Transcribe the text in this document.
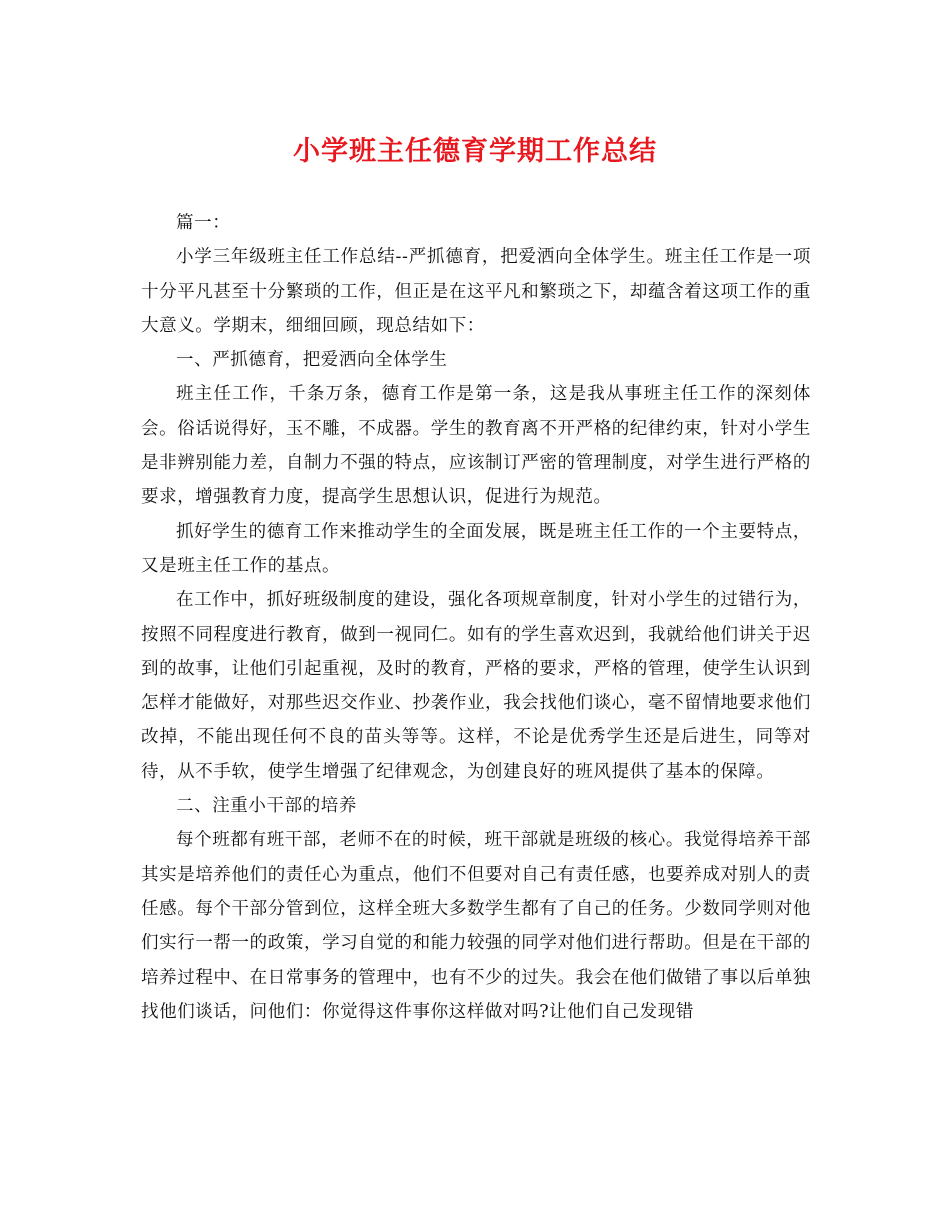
小学班主任德育学期工作总结

篇一：

小学三年级班主任工作总结--严抓德育，把爱洒向全体学生。班主任工作是一项十分平凡甚至十分繁琐的工作，但正是在这平凡和繁琐之下，却蕴含着这项工作的重大意义。学期末，细细回顾，现总结如下：

一、严抓德育，把爱洒向全体学生

班主任工作，千条万条，德育工作是第一条，这是我从事班主任工作的深刻体会。俗话说得好，玉不雕，不成器。学生的教育离不开严格的纪律约束，针对小学生是非辨别能力差，自制力不强的特点，应该制订严密的管理制度，对学生进行严格的要求，增强教育力度，提高学生思想认识，促进行为规范。

抓好学生的德育工作来推动学生的全面发展，既是班主任工作的一个主要特点，又是班主任工作的基点。

在工作中，抓好班级制度的建设，强化各项规章制度，针对小学生的过错行为，按照不同程度进行教育，做到一视同仁。如有的学生喜欢迟到，我就给他们讲关于迟到的故事，让他们引起重视，及时的教育，严格的要求，严格的管理，使学生认识到怎样才能做好，对那些迟交作业、抄袭作业，我会找他们谈心，毫不留情地要求他们改掉，不能出现任何不良的苗头等等。这样，不论是优秀学生还是后进生，同等对待，从不手软，使学生增强了纪律观念，为创建良好的班风提供了基本的保障。

二、注重小干部的培养

每个班都有班干部，老师不在的时候，班干部就是班级的核心。我觉得培养干部其实是培养他们的责任心为重点，他们不但要对自己有责任感，也要养成对别人的责任感。每个干部分管到位，这样全班大多数学生都有了自己的任务。少数同学则对他们实行一帮一的政策，学习自觉的和能力较强的同学对他们进行帮助。但是在干部的培养过程中、在日常事务的管理中，也有不少的过失。我会在他们做错了事以后单独找他们谈话，问他们：你觉得这件事你这样做对吗?让他们自己发现错
